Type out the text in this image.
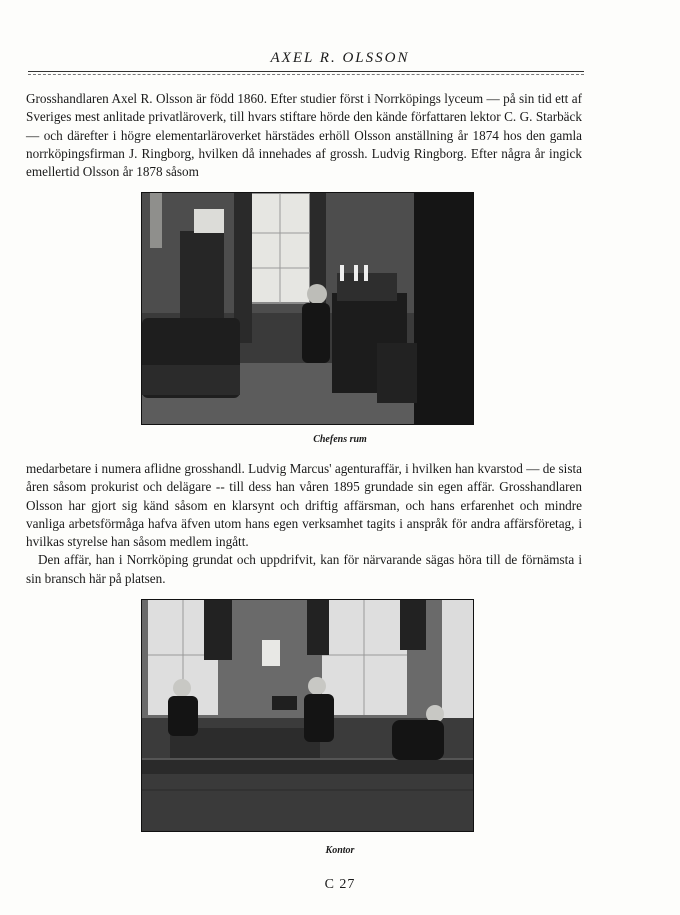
AXEL R. OLSSON

Grosshandlaren Axel R. Olsson är född 1860. Efter studier först i Norrköpings lyceum — på sin tid ett af Sveriges mest anlitade privatläroverk, till hvars stiftare hörde den kände författaren lektor C. G. Starbäck — och därefter i högre elementarläroverket härstädes erhöll Olsson anställning år 1874 hos den gamla norrköpingsfirman J. Ringborg, hvilken då innehades af grossh. Ludvig Ringborg. Efter några år ingick emellertid Olsson år 1878 såsom

Chefens rum

medarbetare i numera aflidne grosshandl. Ludvig Marcus' agenturaffär, i hvilken han kvarstod — de sista åren såsom prokurist och delägare -- till dess han våren 1895 grundade sin egen affär. Grosshandlaren Olsson har gjort sig känd såsom en klarsynt och driftig affärsman, och hans erfarenhet och mindre vanliga arbetsförmåga hafva äfven utom hans egen verksamhet tagits i anspråk för andra affärsföretag, i hvilkas styrelse han såsom medlem ingått.

Den affär, han i Norrköping grundat och uppdrifvit, kan för närvarande sägas höra till de förnämsta i sin bransch här på platsen.

Kontor
C 27
